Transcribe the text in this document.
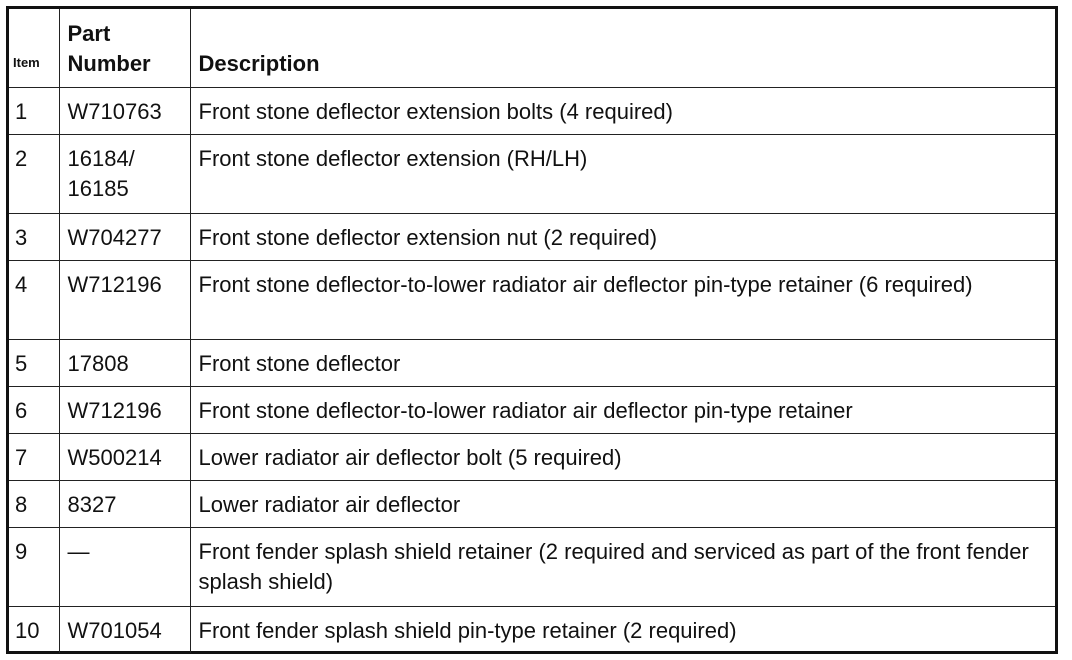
Item	Part Number	Description
1	W710763	Front stone deflector extension bolts (4 required)
2	16184/ 16185	Front stone deflector extension (RH/LH)
3	W704277	Front stone deflector extension nut (2 required)
4	W712196	Front stone deflector-to-lower radiator air deflector pin-type retainer (6 required)
5	17808	Front stone deflector
6	W712196	Front stone deflector-to-lower radiator air deflector pin-type retainer
7	W500214	Lower radiator air deflector bolt (5 required)
8	8327	Lower radiator air deflector
9	—	Front fender splash shield retainer (2 required and serviced as part of the front fender splash shield)
10	W701054	Front fender splash shield pin-type retainer (2 required)
